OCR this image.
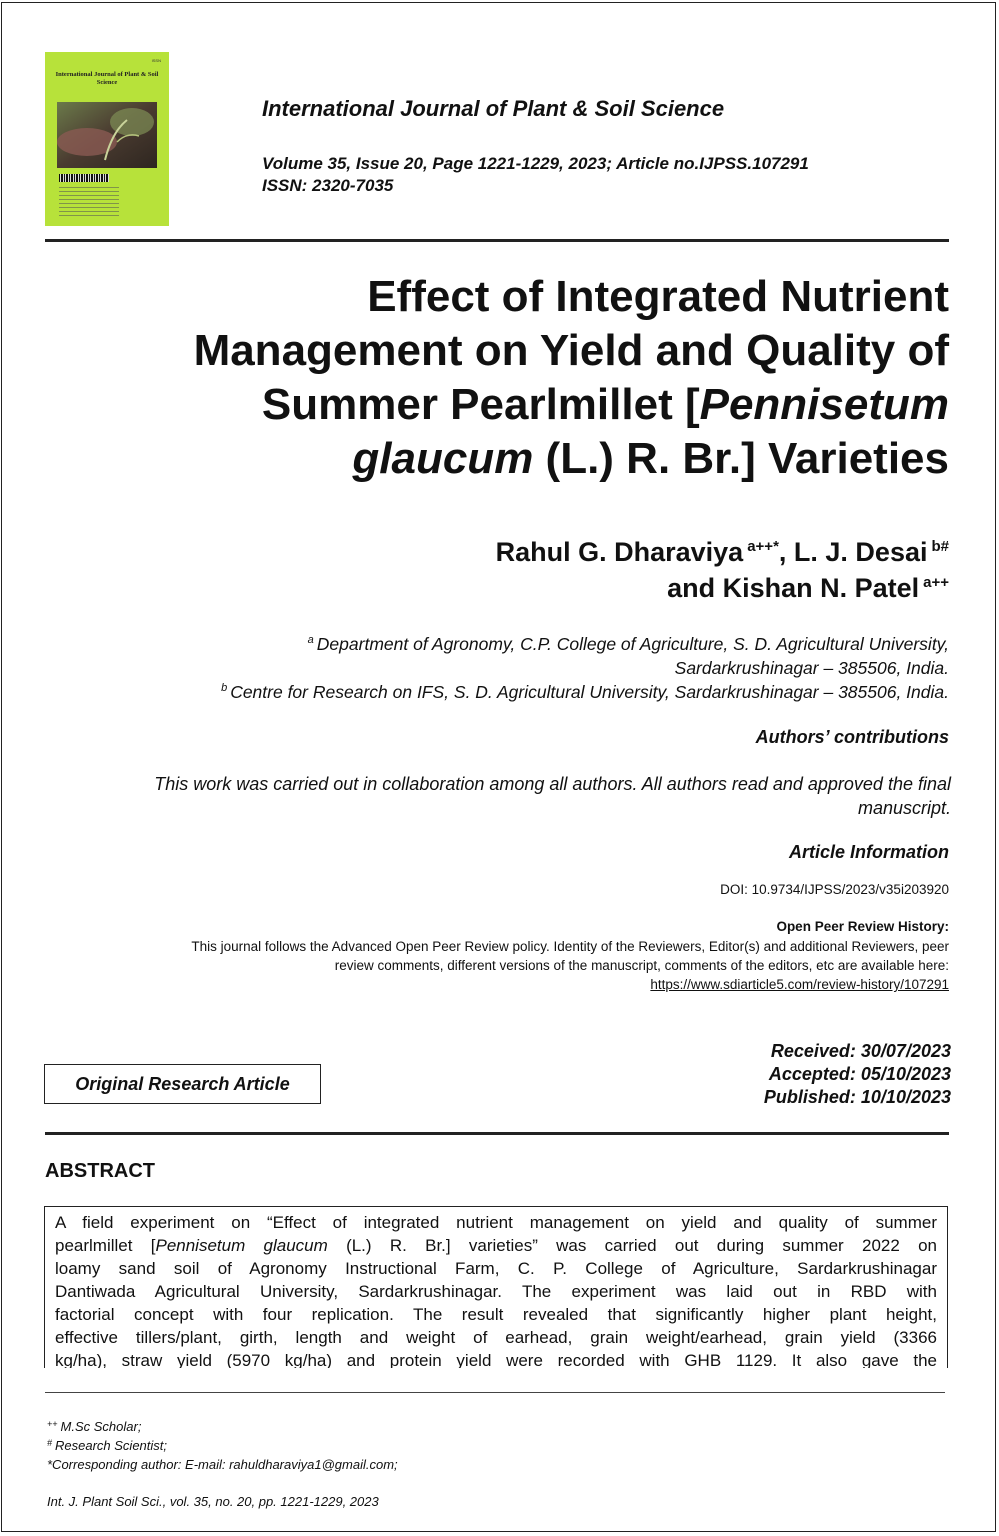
ISSN
International Journal of Plant & Soil Science
International Journal of Plant & Soil Science
Volume 35, Issue 20, Page 1221-1229, 2023; Article no.IJPSS.107291
ISSN: 2320-7035
Effect of Integrated Nutrient
Management on Yield and Quality of
Summer Pearlmillet [Pennisetum
glaucum (L.) R. Br.] Varieties
Rahul G. Dharaviya $^{a++*}$, L. J. Desai $^{b\#}$
and Kishan N. Patel $^{a++}$
$^a$ Department of Agronomy, C.P. College of Agriculture, S. D. Agricultural University,
Sardarkrushinagar – 385506, India.
$^b$ Centre for Research on IFS, S. D. Agricultural University, Sardarkrushinagar – 385506, India.
Authors’ contributions
This work was carried out in collaboration among all authors. All authors read and approved the final
manuscript.
Article Information
DOI: 10.9734/IJPSS/2023/v35i203920
Open Peer Review History:
This journal follows the Advanced Open Peer Review policy. Identity of the Reviewers, Editor(s) and additional Reviewers, peer
review comments, different versions of the manuscript, comments of the editors, etc are available here:
https://www.sdiarticle5.com/review-history/107291
Received: 30/07/2023
Accepted: 05/10/2023
Published: 10/10/2023
Original Research Article
ABSTRACT
A field experiment on “Effect of integrated nutrient management on yield and quality of summer
pearlmillet [Pennisetum glaucum (L.) R. Br.] varieties” was carried out during summer 2022 on
loamy sand soil of Agronomy Instructional Farm, C. P. College of Agriculture, Sardarkrushinagar
Dantiwada Agricultural University, Sardarkrushinagar. The experiment was laid out in RBD with
factorial concept with four replication. The result revealed that significantly higher plant height,
effective tillers/plant, girth, length and weight of earhead, grain weight/earhead, grain yield (3366
kg/ha), straw yield (5970 kg/ha) and protein yield were recorded with GHB 1129. It also gave the
++ M.Sc Scholar;
# Research Scientist;
*Corresponding author: E-mail: rahuldharaviya1@gmail.com;
Int. J. Plant Soil Sci., vol. 35, no. 20, pp. 1221-1229, 2023
